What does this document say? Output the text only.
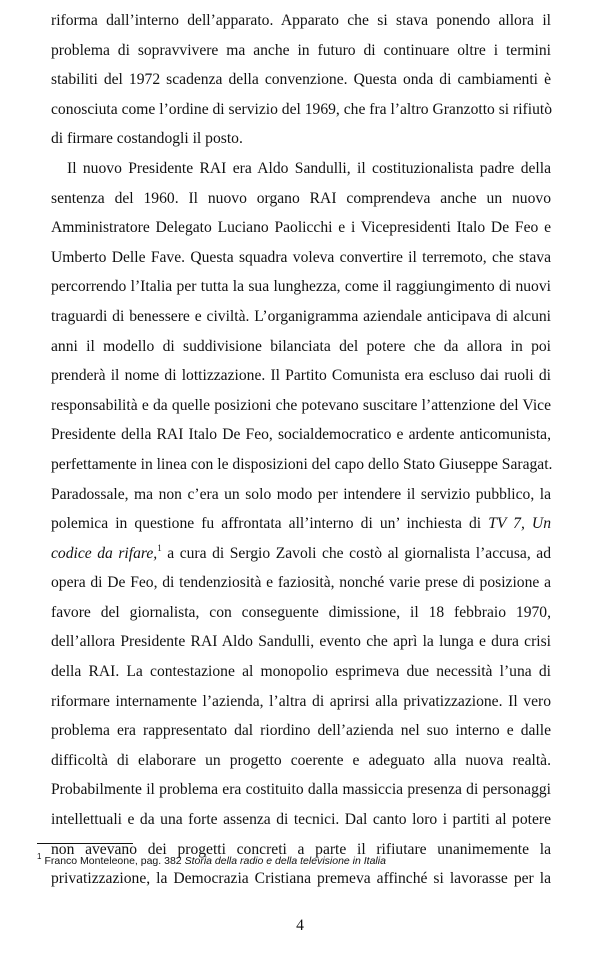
riforma dall’interno dell’apparato. Apparato che si stava ponendo allora il
problema di sopravvivere ma anche in futuro di continuare oltre i termini
stabiliti del 1972 scadenza della convenzione. Questa onda di cambiamenti è
conosciuta come l’ordine di servizio del 1969, che fra l’altro Granzotto si rifiutò
di firmare costandogli il posto.
Il nuovo Presidente RAI era Aldo Sandulli, il costituzionalista padre della
sentenza del 1960. Il nuovo organo RAI comprendeva anche un nuovo
Amministratore Delegato Luciano Paolicchi e i Vicepresidenti Italo De Feo e
Umberto Delle Fave. Questa squadra voleva convertire il terremoto, che stava
percorrendo l’Italia per tutta la sua lunghezza, come il raggiungimento di nuovi
traguardi di benessere e civiltà. L’organigramma aziendale anticipava di alcuni
anni il modello di suddivisione bilanciata del potere che da allora in poi
prenderà il nome di lottizzazione. Il Partito Comunista era escluso dai ruoli di
responsabilità e da quelle posizioni che potevano suscitare l’attenzione del Vice
Presidente della RAI Italo De Feo, socialdemocratico e ardente anticomunista,
perfettamente in linea con le disposizioni del capo dello Stato Giuseppe Saragat.
Paradossale, ma non c’era un solo modo per intendere il servizio pubblico, la
polemica in questione fu affrontata all’interno di un’ inchiesta di TV 7, Un
codice da rifare,$^1$ a cura di Sergio Zavoli che costò al giornalista l’accusa, ad
opera di De Feo, di tendenziosità e faziosità, nonché varie prese di posizione a
favore del giornalista, con conseguente dimissione, il 18 febbraio 1970,
dell’allora Presidente RAI Aldo Sandulli, evento che aprì la lunga e dura crisi
della RAI. La contestazione al monopolio esprimeva due necessità l’una di
riformare internamente l’azienda, l’altra di aprirsi alla privatizzazione. Il vero
problema era rappresentato dal riordino dell’azienda nel suo interno e dalle
difficoltà di elaborare un progetto coerente e adeguato alla nuova realtà.
Probabilmente il problema era costituito dalla massiccia presenza di personaggi
intellettuali e da una forte assenza di tecnici. Dal canto loro i partiti al potere
non avevano dei progetti concreti a parte il rifiutare unanimemente la
privatizzazione, la Democrazia Cristiana premeva affinché si lavorasse per la
$^1$ Franco Monteleone, pag. 382 Storia della radio e della televisione in Italia
4
